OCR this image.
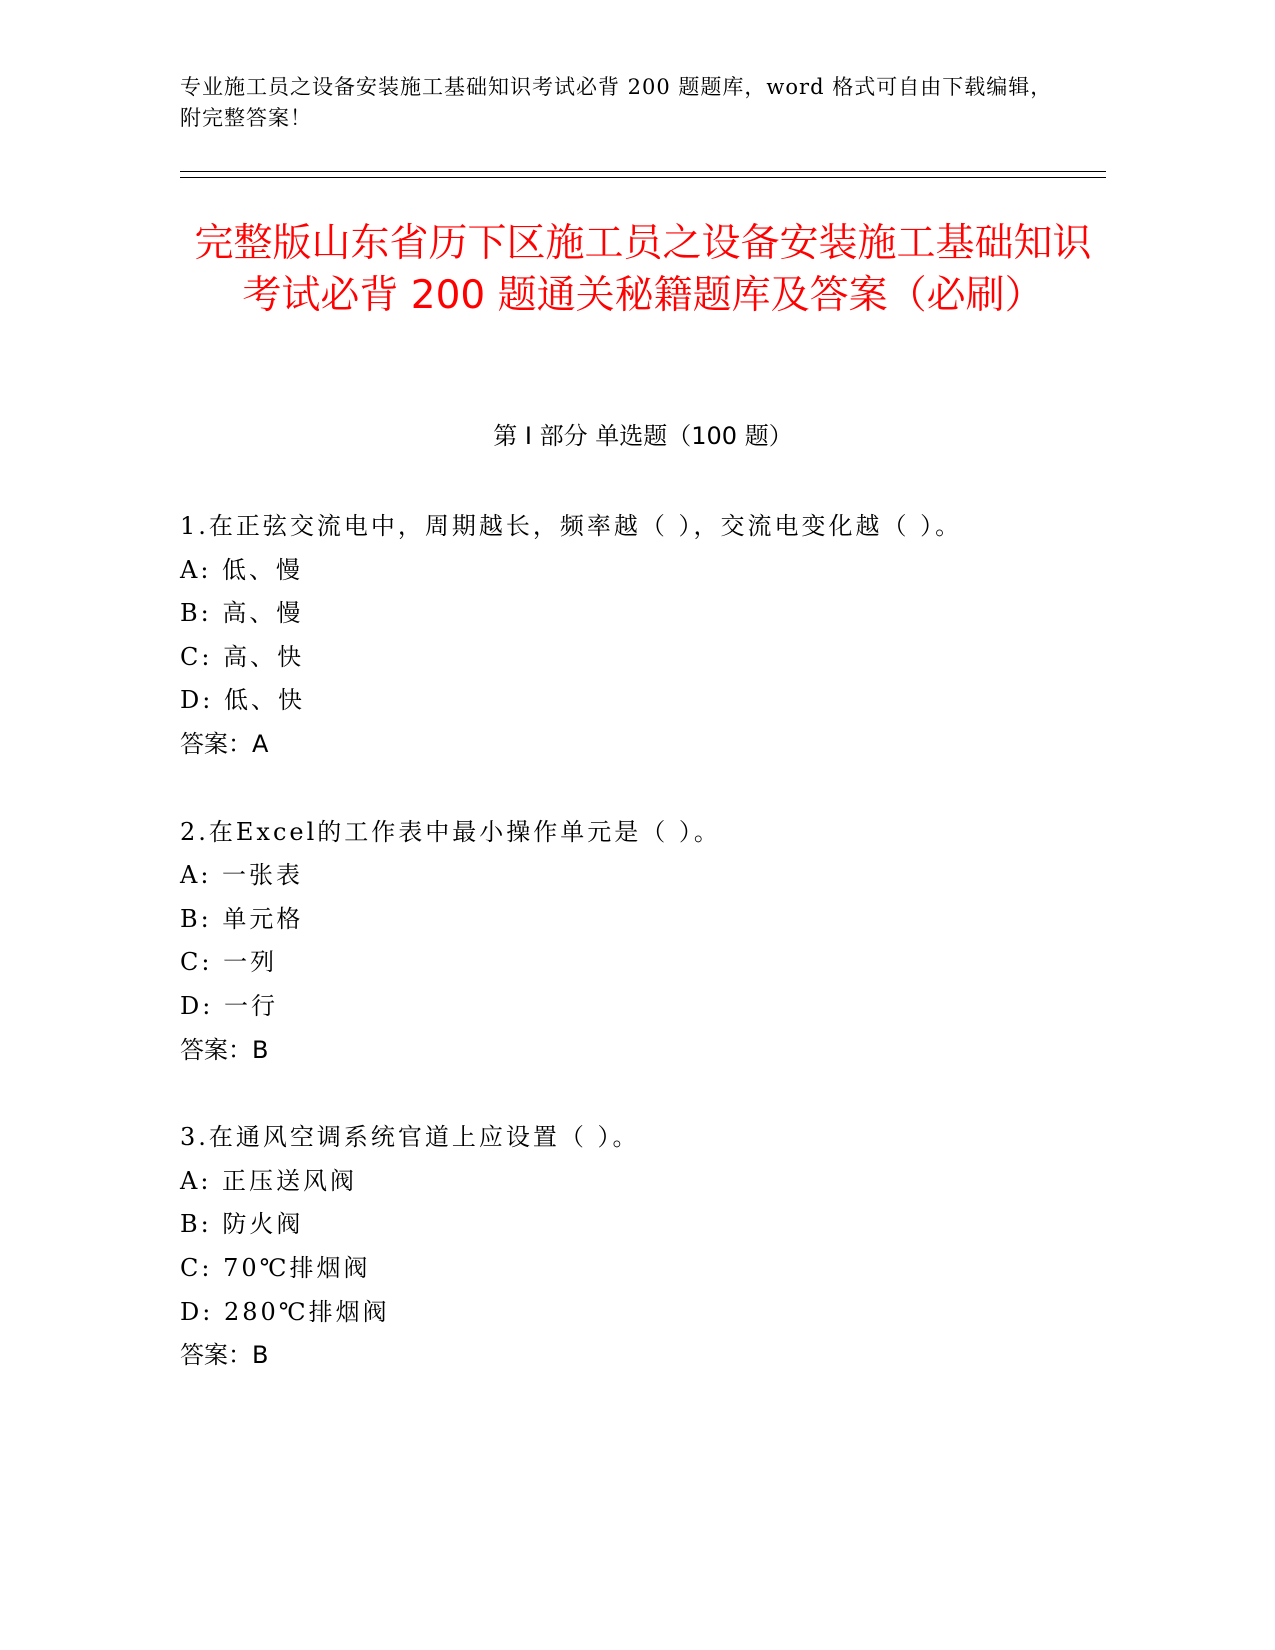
专业施工员之设备安装施工基础知识考试必背 200 题题库，word 格式可自由下载编辑，附完整答案！
完整版山东省历下区施工员之设备安装施工基础知识考试必背 200 题通关秘籍题库及答案（必刷）
第 I 部分 单选题（100 题）
1.在正弦交流电中，周期越长，频率越（ ），交流电变化越（ ）。
A: 低、慢
B: 高、慢
C: 高、快
D: 低、快
答案：A
2.在Excel的工作表中最小操作单元是（ ）。
A: 一张表
B: 单元格
C: 一列
D: 一行
答案：B
3.在通风空调系统官道上应设置（ ）。
A: 正压送风阀
B: 防火阀
C: 70℃排烟阀
D: 280℃排烟阀
答案：B
